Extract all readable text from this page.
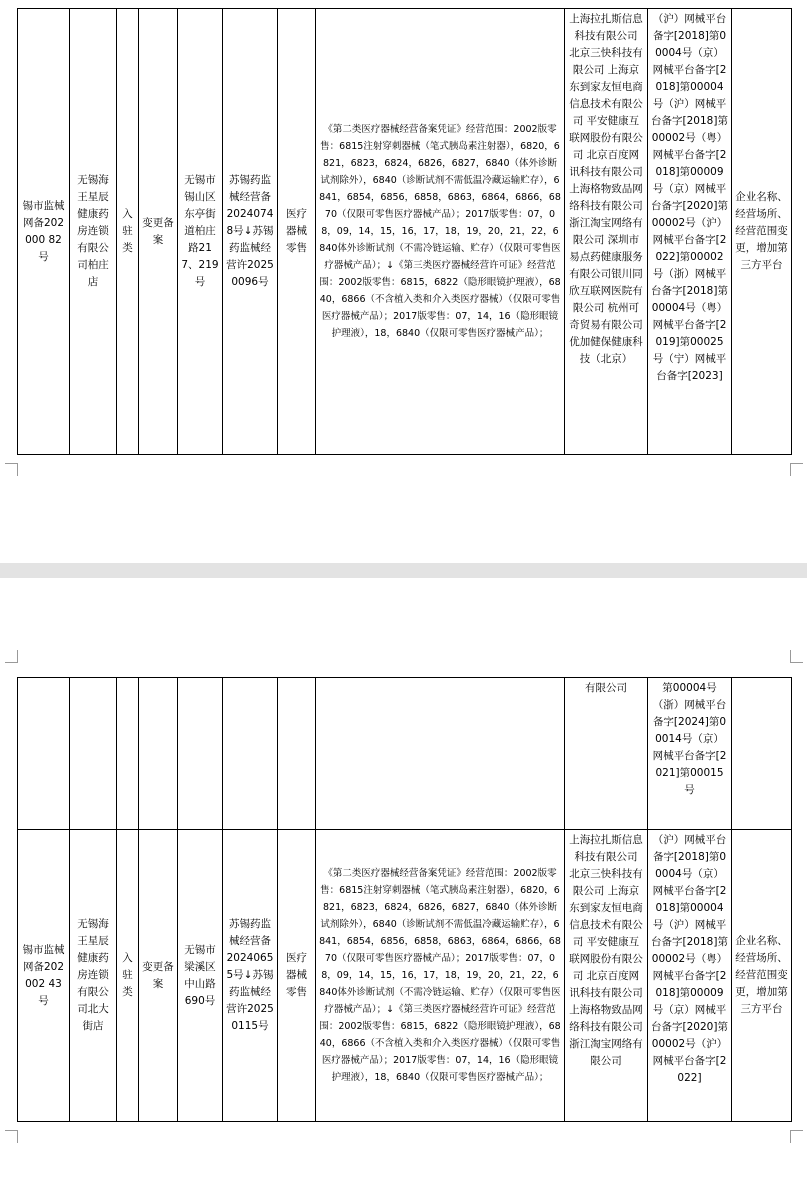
锡市监械网备202000 82号	无锡海王星辰健康药房连锁有限公司柏庄店	入驻类	变更备案	无锡市锡山区东亭街道柏庄路217、219号	苏锡药监械经营备20240748号↓苏锡药监械经营许20250096号	医疗器械零售	《第二类医疗器械经营备案凭证》经营范围：2002版零售：6815注射穿刺器械（笔式胰岛素注射器），6820，6821，6823，6824，6826，6827，6840（体外诊断试剂除外），6840（诊断试剂不需低温冷藏运输贮存），6841，6854，6856，6858，6863，6864，6866，6870（仅限可零售医疗器械产品）；2017版零售：07，08，09，14，15，16，17，18，19，20，21，22，6840体外诊断试剂（不需冷链运输、贮存）（仅限可零售医疗器械产品）；↓《第三类医疗器械经营许可证》经营范围：2002版零售：6815，6822（隐形眼镜护理液），6840，6866（不含植入类和介入类医疗器械）（仅限可零售医疗器械产品）；2017版零售：07，14，16（隐形眼镜护理液），18，6840（仅限可零售医疗器械产品）；	上海拉扎斯信息科技有限公司 北京三快科技有限公司 上海京东到家友恒电商信息技术有限公司 平安健康互联网股份有限公司 北京百度网讯科技有限公司 上海格物致品网络科技有限公司浙江淘宝网络有限公司 深圳市易点药健康服务有限公司银川同欣互联网医院有限公司 杭州可奇贸易有限公司 优加健保健康科技（北京）	（沪）网械平台备字[2018]第00004号（京）网械平台备字[2018]第00004号（沪）网械平台备字[2018]第00002号（粤）网械平台备字[2018]第00009号（京）网械平台备字[2020]第00002号（沪）网械平台备字[2022]第00002号（浙）网械平台备字[2018]第00004号（粤）网械平台备字[2019]第00025号（宁）网械平台备字[2023]	企业名称、经营场所、经营范围变更，增加第三方平台
								有限公司	第00004号（浙）网械平台备字[2024]第00014号（京）网械平台备字[2021]第00015号	
锡市监械网备202002 43号	无锡海王星辰健康药房连锁有限公司北大街店	入驻类	变更备案	无锡市梁溪区中山路690号	苏锡药监械经营备20240655号↓苏锡药监械经营许20250115号	医疗器械零售	《第二类医疗器械经营备案凭证》经营范围：2002版零售：6815注射穿刺器械（笔式胰岛素注射器），6820，6821，6823，6824，6826，6827，6840（体外诊断试剂除外），6840（诊断试剂不需低温冷藏运输贮存），6841，6854，6856，6858，6863，6864，6866，6870（仅限可零售医疗器械产品）；2017版零售：07，08，09，14，15，16，17，18，19，20，21，22，6840体外诊断试剂（不需冷链运输、贮存）（仅限可零售医疗器械产品）；↓《第三类医疗器械经营许可证》经营范围：2002版零售：6815，6822（隐形眼镜护理液），6840，6866（不含植入类和介入类医疗器械）（仅限可零售医疗器械产品）；2017版零售：07，14，16（隐形眼镜护理液），18，6840（仅限可零售医疗器械产品）；	上海拉扎斯信息科技有限公司 北京三快科技有限公司 上海京东到家友恒电商信息技术有限公司 平安健康互联网股份有限公司 北京百度网讯科技有限公司 上海格物致品网络科技有限公司浙江淘宝网络有限公司	（沪）网械平台备字[2018]第00004号（京）网械平台备字[2018]第00004号（沪）网械平台备字[2018]第00002号（粤）网械平台备字[2018]第00009号（京）网械平台备字[2020]第00002号（沪）网械平台备字[2022]	企业名称、经营场所、经营范围变更，增加第三方平台
